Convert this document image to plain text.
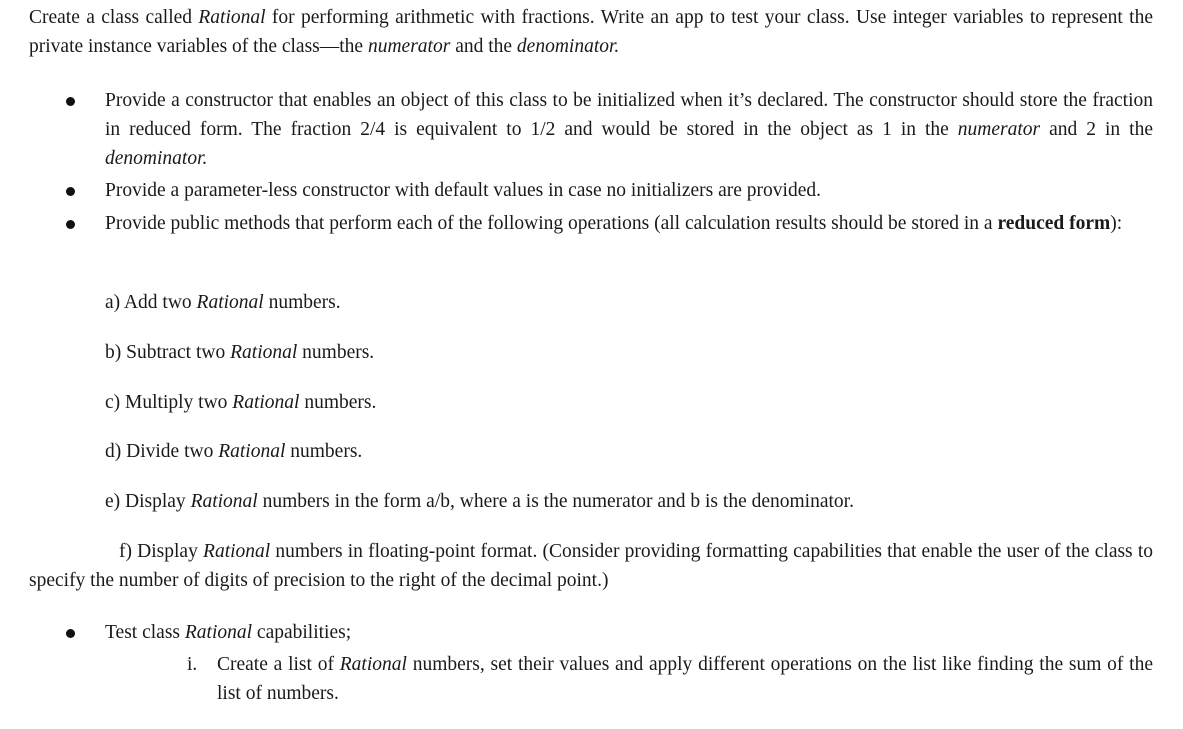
Create a class called Rational for performing arithmetic with fractions. Write an app to test your class. Use integer variables to represent the private instance variables of the class—the numerator and the denominator.

Provide a constructor that enables an object of this class to be initialized when it’s declared. The constructor should store the fraction in reduced form. The fraction 2/4 is equivalent to 1/2 and would be stored in the object as 1 in the numerator and 2 in the denominator.

Provide a parameter-less constructor with default values in case no initializers are provided.

Provide public methods that perform each of the following operations (all calculation results should be stored in a reduced form):

a) Add two Rational numbers.

b) Subtract two Rational numbers.

c) Multiply two Rational numbers.

d) Divide two Rational numbers.

e) Display Rational numbers in the form a/b, where a is the numerator and b is the denominator.

f) Display Rational numbers in floating-point format. (Consider providing formatting capabilities that enable the user of the class to specify the number of digits of precision to the right of the decimal point.)

Test class Rational capabilities;

i. Create a list of Rational numbers, set their values and apply different operations on the list like finding the sum of the list of numbers.
